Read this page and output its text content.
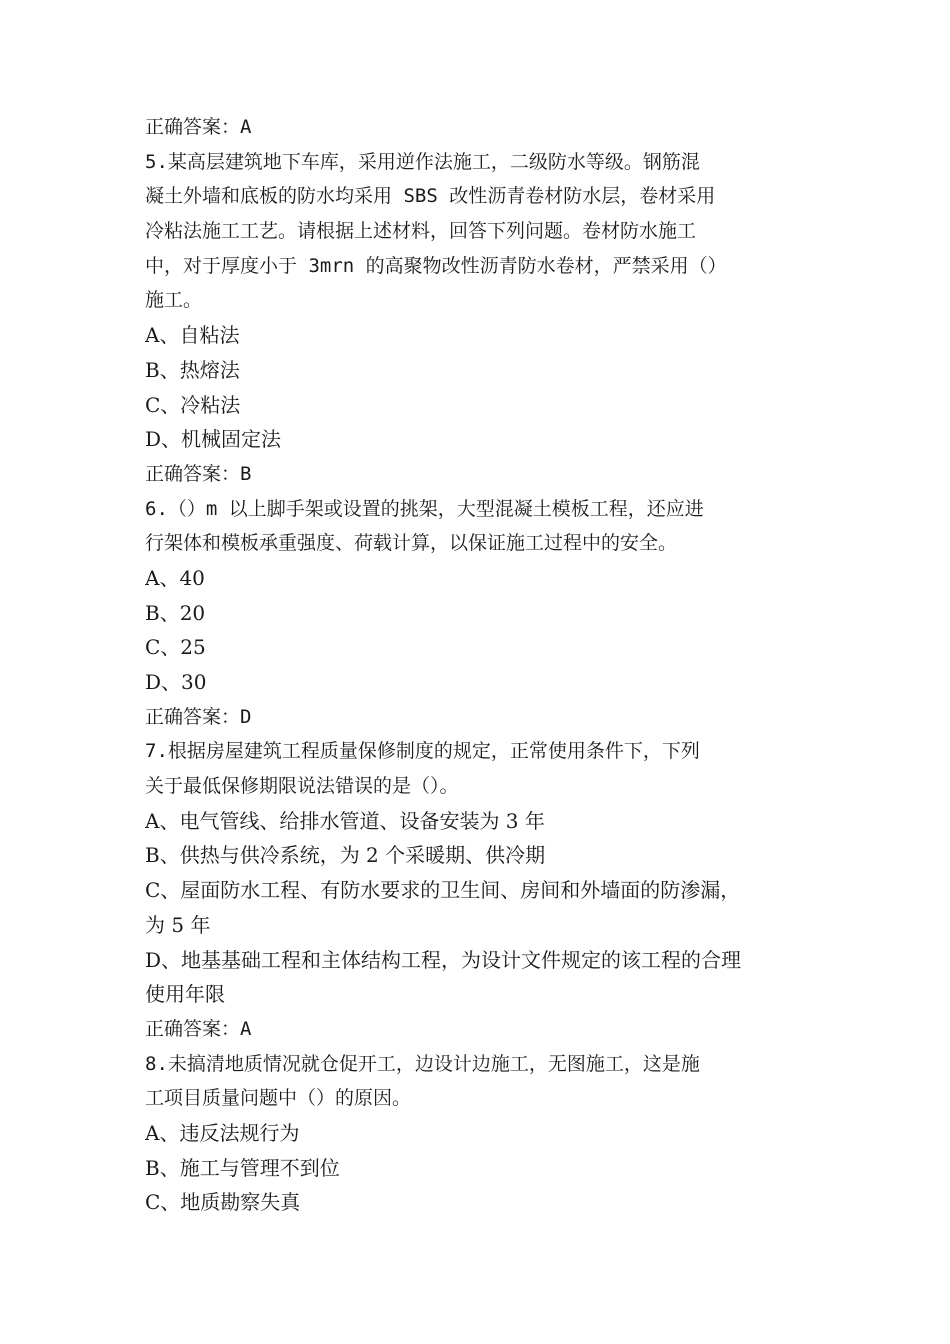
正确答案：A
5.某高层建筑地下车库，采用逆作法施工，二级防水等级。钢筋混
凝土外墙和底板的防水均采用 SBS 改性沥青卷材防水层，卷材采用
冷粘法施工工艺。请根据上述材料，回答下列问题。卷材防水施工
中，对于厚度小于 3mrn 的高聚物改性沥青防水卷材，严禁采用（）
施工。
A、自粘法
B、热熔法
C、冷粘法
D、机械固定法
正确答案：B
6.（）m 以上脚手架或设置的挑架，大型混凝土模板工程，还应进
行架体和模板承重强度、荷载计算，以保证施工过程中的安全。
A、40
B、20
C、25
D、30
正确答案：D
7.根据房屋建筑工程质量保修制度的规定，正常使用条件下，下列
关于最低保修期限说法错误的是（）。
A、电气管线、给排水管道、设备安装为 3 年
B、供热与供冷系统，为 2 个采暖期、供冷期
C、屋面防水工程、有防水要求的卫生间、房间和外墙面的防渗漏，
为 5 年
D、地基基础工程和主体结构工程，为设计文件规定的该工程的合理
使用年限
正确答案：A
8.未搞清地质情况就仓促开工，边设计边施工，无图施工，这是施
工项目质量问题中（）的原因。
A、违反法规行为
B、施工与管理不到位
C、地质勘察失真
